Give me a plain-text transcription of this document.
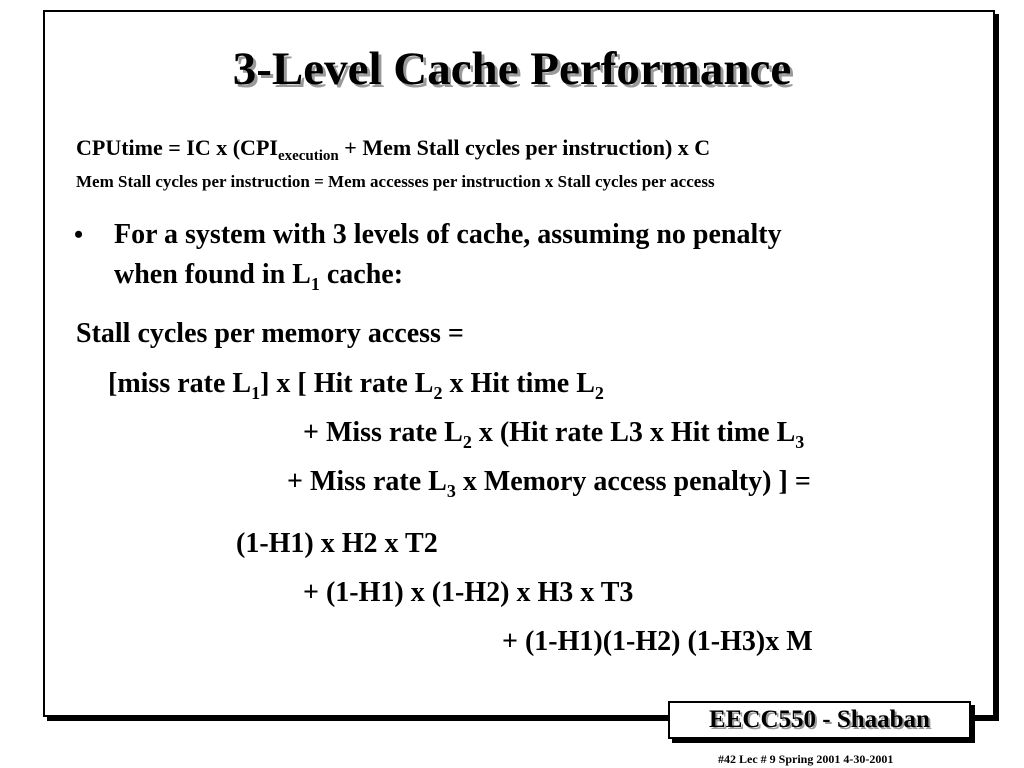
3-Level Cache Performance
CPUtime = IC x ($CPI_{execution}$ + Mem Stall cycles per instruction) x C
Mem Stall cycles per instruction = Mem accesses per instruction x Stall cycles per access
• For a system with 3 levels of cache, assuming no penalty
when found in $L_1$ cache:
Stall cycles per memory access =
[miss rate $L_1$] x [ Hit rate $L_2$ x Hit time $L_2$
+ Miss rate $L_2$ x (Hit rate L3 x Hit time $L_3$
+ Miss rate $L_3$ x Memory access penalty) ] =
(1-H1) x H2 x T2
+ (1-H1) x (1-H2) x H3 x T3
+ (1-H1)(1-H2) (1-H3)x M
EECC550 - Shaaban
#42 Lec # 9 Spring 2001 4-30-2001
